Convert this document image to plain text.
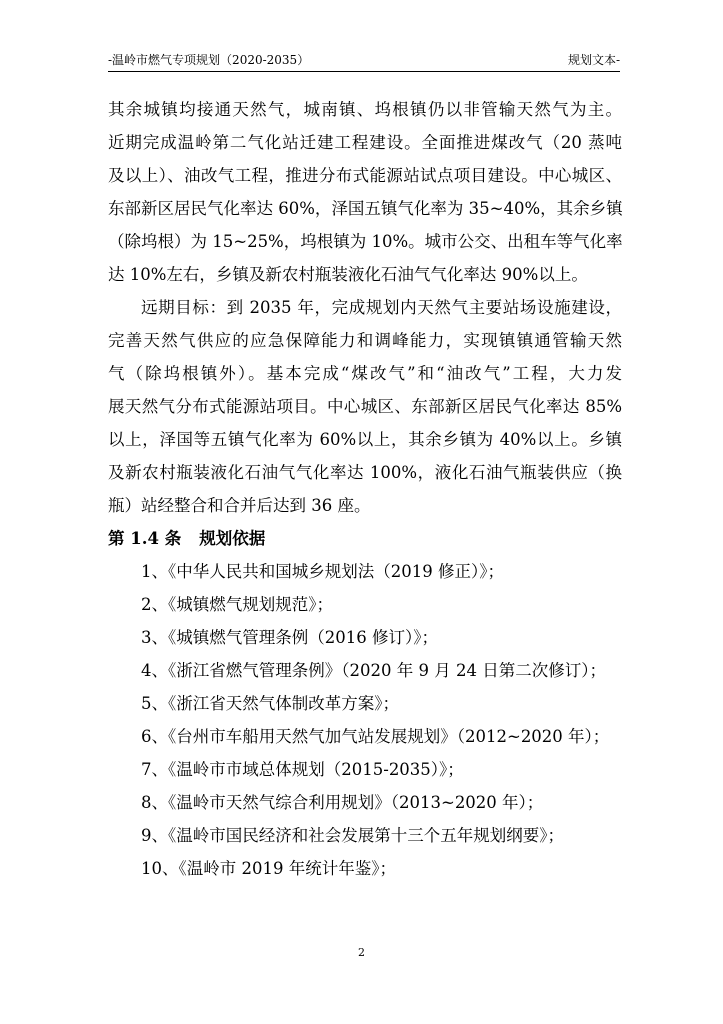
-温岭市燃气专项规划（2020-2035）	规划文本-
其余城镇均接通天然气，城南镇、坞根镇仍以非管输天然气为主。
近期完成温岭第二气化站迁建工程建设。全面推进煤改气（20 蒸吨
及以上）、油改气工程，推进分布式能源站试点项目建设。中心城区、
东部新区居民气化率达 60%，泽国五镇气化率为 35~40%，其余乡镇
（除坞根）为 15~25%，坞根镇为 10%。城市公交、出租车等气化率
达 10%左右，乡镇及新农村瓶装液化石油气气化率达 90%以上。
远期目标：到 2035 年，完成规划内天然气主要站场设施建设，
完善天然气供应的应急保障能力和调峰能力，实现镇镇通管输天然
气（除坞根镇外）。基本完成“煤改气”和“油改气”工程，大力发
展天然气分布式能源站项目。中心城区、东部新区居民气化率达 85%
以上，泽国等五镇气化率为 60%以上，其余乡镇为 40%以上。乡镇
及新农村瓶装液化石油气气化率达 100%，液化石油气瓶装供应（换
瓶）站经整合和合并后达到 36 座。
第 1.4 条 规划依据
1、《中华人民共和国城乡规划法（2019 修正）》；
2、《城镇燃气规划规范》；
3、《城镇燃气管理条例（2016 修订）》；
4、《浙江省燃气管理条例》（2020 年 9 月 24 日第二次修订）；
5、《浙江省天然气体制改革方案》；
6、《台州市车船用天然气加气站发展规划》（2012~2020 年）；
7、《温岭市市域总体规划（2015-2035）》；
8、《温岭市天然气综合利用规划》（2013~2020 年）；
9、《温岭市国民经济和社会发展第十三个五年规划纲要》；
10、《温岭市 2019 年统计年鉴》；
2
